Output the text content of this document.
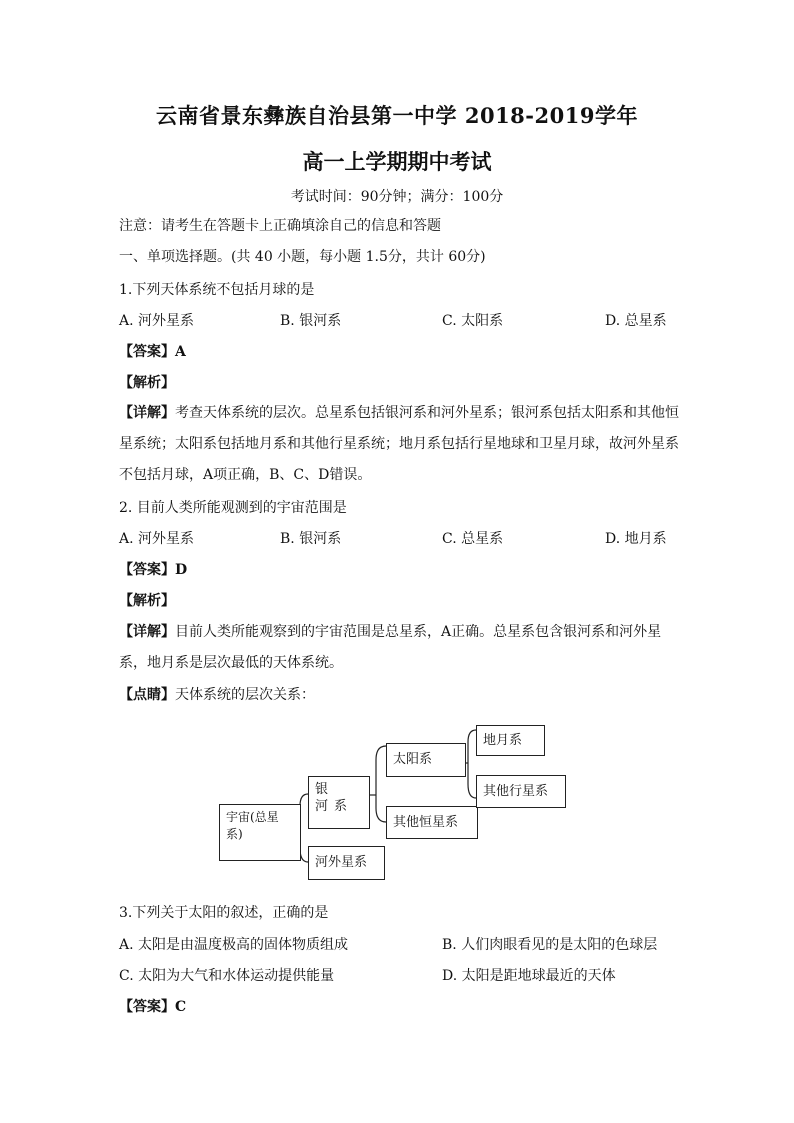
云南省景东彝族自治县第一中学 2018-2019学年
高一上学期期中考试
考试时间：90分钟；满分：100分
注意：请考生在答题卡上正确填涂自己的信息和答题
一、单项选择题。(共 40 小题，每小题 1.5分，共计 60分)
1.下列天体系统不包括月球的是
A. 河外星系	B. 银河系	C. 太阳系	D. 总星系
【答案】A
【解析】
【详解】考查天体系统的层次。总星系包括银河系和河外星系；银河系包括太阳系和其他恒星系统；太阳系包括地月系和其他行星系统；地月系包括行星地球和卫星月球，故河外星系不包括月球，A项正确，B、C、D错误。
2. 目前人类所能观测到的宇宙范围是
A. 河外星系	B. 银河系	C. 总星系	D. 地月系
【答案】D
【解析】
【详解】目前人类所能观察到的宇宙范围是总星系，A正确。总星系包含银河系和河外星系，地月系是层次最低的天体系统。
【点睛】天体系统的层次关系：
宇宙(总星系)
银 河系
河外星系
太阳系
其他恒星系
地月系
其他行星系
3.下列关于太阳的叙述，正确的是
A. 太阳是由温度极高的固体物质组成	B. 人们肉眼看见的是太阳的色球层
C. 太阳为大气和水体运动提供能量	D. 太阳是距地球最近的天体
【答案】C
